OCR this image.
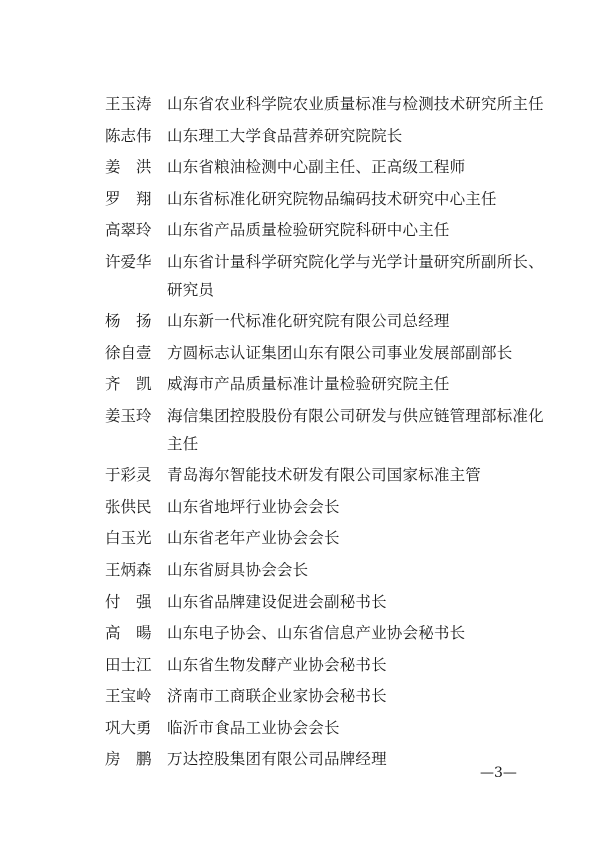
王玉涛 山东省农业科学院农业质量标准与检测技术研究所主任
陈志伟 山东理工大学食品营养研究院院长
姜　洪 山东省粮油检测中心副主任、正高级工程师
罗　翔 山东省标准化研究院物品编码技术研究中心主任
高翠玲 山东省产品质量检验研究院科研中心主任
许爱华 山东省计量科学研究院化学与光学计量研究所副所长、研究员
杨　扬 山东新一代标准化研究院有限公司总经理
徐自壹 方圆标志认证集团山东有限公司事业发展部副部长
齐　凯 威海市产品质量标准计量检验研究院主任
姜玉玲 海信集团控股股份有限公司研发与供应链管理部标准化主任
于彩灵 青岛海尔智能技术研发有限公司国家标准主管
张供民 山东省地坪行业协会会长
白玉光 山东省老年产业协会会长
王炳森 山东省厨具协会会长
付　强 山东省品牌建设促进会副秘书长
高　暘 山东电子协会、山东省信息产业协会秘书长
田士江 山东省生物发酵产业协会秘书长
王宝岭 济南市工商联企业家协会秘书长
巩大勇 临沂市食品工业协会会长
房　鹏 万达控股集团有限公司品牌经理
—3—
